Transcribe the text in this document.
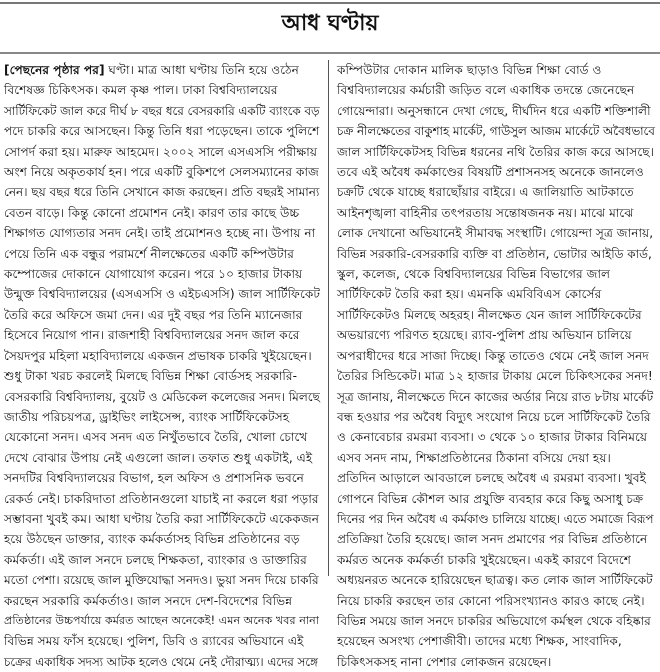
আধ ঘণ্টায়
[পেছনের পৃষ্ঠার পর] ঘণ্টা। মাত্র আধা ঘণ্টায় তিনি হয়ে ওঠেন
বিশেষজ্ঞ চিকিৎসক। কমল কৃষ্ণ পাল। ঢাকা বিশ্ববিদ্যালয়ের
সার্টিফিকেট জাল করে দীর্ঘ ৮ বছর ধরে বেসরকারি একটি ব্যাংকে বড়
পদে চাকরি করে আসছেন। কিন্তু তিনি ধরা পড়েছেন। তাকে পুলিশে
সোপর্দ করা হয়। মারুফ আহমেদ। ২০০২ সালে এসএসসি পরীক্ষায়
অংশ নিয়ে অকৃতকার্য হন। পরে একটি বুকিশপে সেলসম্যানের কাজ
নেন। ছয় বছর ধরে তিনি সেখানে কাজ করছেন। প্রতি বছরই সামান্য
বেতন বাড়ে। কিন্তু কোনো প্রমোশন নেই। কারণ তার কাছে উচ্চ
শিক্ষাগত যোগ্যতার সনদ নেই। তাই প্রমোশনও হচ্ছে না। উপায় না
পেয়ে তিনি এক বন্ধুর পরামর্শে নীলক্ষেতের একটি কম্পিউটার
কম্পোজের দোকানে যোগাযোগ করেন। পরে ১০ হাজার টাকায়
উন্মুক্ত বিশ্ববিদ্যালয়ের (এসএসসি ও এইচএসসি) জাল সার্টিফিকেট
তৈরি করে অফিসে জমা দেন। এর দুই বছর পর তিনি ম্যানেজার
হিসেবে নিয়োগ পান। রাজশাহী বিশ্ববিদ্যালয়ের সনদ জাল করে
সৈয়দপুর মহিলা মহাবিদ্যালয়ে একজন প্রভাষক চাকরি খুইয়েছেন।
শুধু টাকা খরচ করলেই মিলছে বিভিন্ন শিক্ষা বোর্ডসহ সরকারি-
বেসরকারি বিশ্ববিদ্যালয়, বুয়েট ও মেডিকেল কলেজের সনদ। মিলছে
জাতীয় পরিচয়পত্র, ড্রাইভিং লাইসেন্স, ব্যাংক সার্টিফিকেটসহ
যেকোনো সনদ। এসব সনদ এত নিখুঁতভাবে তৈরি, খোলা চোখে
দেখে বোঝার উপায় নেই এগুলো জাল। তফাত শুধু একটাই, এই
সনদটির বিশ্ববিদ্যালয়ের বিভাগ, হল অফিস ও প্রশাসনিক ভবনে
রেকর্ড নেই। চাকরিদাতা প্রতিষ্ঠানগুলো যাচাই না করলে ধরা পড়ার
সম্ভাবনা খুবই কম। আধা ঘণ্টায় তৈরি করা সার্টিফিকেটে একেকজন
হয়ে উঠছেন ডাক্তার, ব্যাংক কর্মকর্তাসহ বিভিন্ন প্রতিষ্ঠানের বড়
কর্মকর্তা। এই জাল সনদে চলছে শিক্ষকতা, ব্যাংকার ও ডাক্তারির
মতো পেশা। রয়েছে জাল মুক্তিযোদ্ধা সনদও। ভুয়া সনদ দিয়ে চাকরি
করছেন সরকারি কর্মকর্তাও। জাল সনদে দেশ-বিদেশের বিভিন্ন
প্রতিষ্ঠানের উচ্চপর্যায়ে কর্মরত আছেন অনেকেই! এমন অনেক খবর নানা
বিভিন্ন সময় ফাঁস হয়েছে। পুলিশ, ডিবি ও র‍্যাবের অভিযানে এই
চক্রের একাধিক সদস্য আটক হলেও থেমে নেই দৌরাত্ম্য। এদের সঙ্গে
কম্পিউটার দোকান মালিক ছাড়াও বিভিন্ন শিক্ষা বোর্ড ও
বিশ্ববিদ্যালয়ের কর্মচারী জড়িত বলে একাধিক তদন্তে জেনেছেন
গোয়েন্দারা। অনুসন্ধানে দেখা গেছে, দীর্ঘদিন ধরে একটি শক্তিশালী
চক্র নীলক্ষেতের বাকুশাহ মার্কেট, গাউসুল আজম মার্কেটে অবৈধভাবে
জাল সার্টিফিকেটসহ বিভিন্ন ধরনের নথি তৈরির কাজ করে আসছে।
তবে এই অবৈধ কর্মকাণ্ডের বিষয়টি প্রশাসনসহ অনেকে জানলেও
চক্রটি থেকে যাচ্ছে ধরাছোঁয়ার বাইরে। এ জালিয়াতি আটকাতে
আইনশৃঙ্খলা বাহিনীর তৎপরতায় সন্তোষজনক নয়। মাঝে মাঝে
লোক দেখানো অভিযানেই সীমাবদ্ধ সংস্থাটি। গোয়েন্দা সূত্র জানায়,
বিভিন্ন সরকারি-বেসরকারি ব্যক্তি বা প্রতিষ্ঠান, ভোটার আইডি কার্ড,
স্কুল, কলেজ, থেকে বিশ্ববিদ্যালয়ের বিভিন্ন বিভাগের জাল
সার্টিফিকেট তৈরি করা হয়। এমনকি এমবিবিএস কোর্সের
সার্টিফিকেটও মিলছে অহরহ। নীলক্ষেত যেন জাল সার্টিফিকেটের
অভয়ারণ্যে পরিণত হয়েছে। র‍্যাব-পুলিশ প্রায় অভিযান চালিয়ে
অপরাধীদের ধরে সাজা দিচ্ছে। কিন্তু তাতেও থেমে নেই জাল সনদ
তৈরির সিন্ডিকেট। মাত্র ১২ হাজার টাকায় মেলে চিকিৎসকের সনদ!
সূত্র জানায়, নীলক্ষেতে দিনে কাজের অর্ডার নিয়ে রাত ৮টায় মার্কেট
বন্ধ হওয়ার পর অবৈধ বিদ্যুৎ সংযোগ নিয়ে চলে সার্টিফিকেট তৈরি
ও কেনাবেচার রমরমা ব্যবসা। ৩ থেকে ১০ হাজার টাকার বিনিময়ে
এসব সনদ নাম, শিক্ষাপ্রতিষ্ঠানের ঠিকানা বসিয়ে দেয়া হয়।
প্রতিদিন আড়ালে আবডালে চলছে অবৈধ এ রমরমা ব্যবসা। খুবই
গোপনে বিভিন্ন কৌশল আর প্রযুক্তি ব্যবহার করে কিছু অসাধু চক্র
দিনের পর দিন অবৈধ এ কর্মকাণ্ড চালিয়ে যাচ্ছে। এতে সমাজে বিরূপ
প্রতিক্রিয়া তৈরি হয়েছে। জাল সনদ প্রমাণের পর বিভিন্ন প্রতিষ্ঠানে
কর্মরত অনেক কর্মকর্তা চাকরি খুইয়েছেন। একই কারণে বিদেশে
অধ্যয়নরত অনেকে হারিয়েছেন ছাত্রত্ব। কত লোক জাল সার্টিফিকেট
নিয়ে চাকরি করছেন তার কোনো পরিসংখ্যানও কারও কাছে নেই।
বিভিন্ন সময়ে জাল সনদে চাকরির অভিযোগে কর্মস্থল থেকে বহিষ্কার
হয়েছেন অসংখ্য পেশাজীবী। তাদের মধ্যে শিক্ষক, সাংবাদিক,
চিকিৎসকসহ নানা পেশার লোকজন রয়েছেন।
